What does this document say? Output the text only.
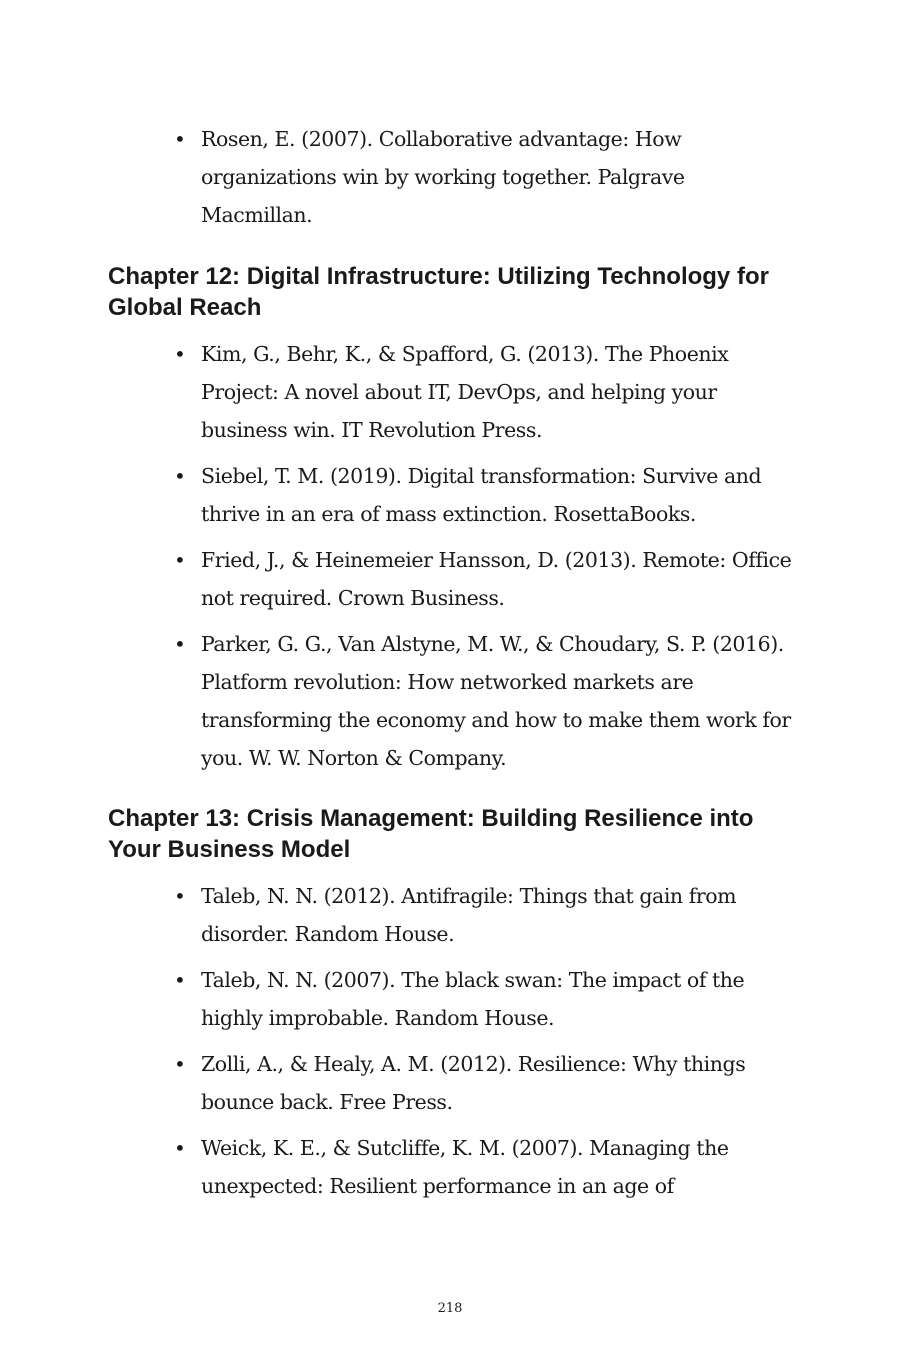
• Rosen, E. (2007). Collaborative advantage: How organizations win by working together. Palgrave Macmillan.
Chapter 12: Digital Infrastructure: Utilizing Technology for Global Reach
• Kim, G., Behr, K., & Spafford, G. (2013). The Phoenix Project: A novel about IT, DevOps, and helping your business win. IT Revolution Press.
• Siebel, T. M. (2019). Digital transformation: Survive and thrive in an era of mass extinction. RosettaBooks.
• Fried, J., & Heinemeier Hansson, D. (2013). Remote: Office not required. Crown Business.
• Parker, G. G., Van Alstyne, M. W., & Choudary, S. P. (2016). Platform revolution: How networked markets are transforming the economy and how to make them work for you. W. W. Norton & Company.
Chapter 13: Crisis Management: Building Resilience into Your Business Model
• Taleb, N. N. (2012). Antifragile: Things that gain from disorder. Random House.
• Taleb, N. N. (2007). The black swan: The impact of the highly improbable. Random House.
• Zolli, A., & Healy, A. M. (2012). Resilience: Why things bounce back. Free Press.
• Weick, K. E., & Sutcliffe, K. M. (2007). Managing the unexpected: Resilient performance in an age of
218
